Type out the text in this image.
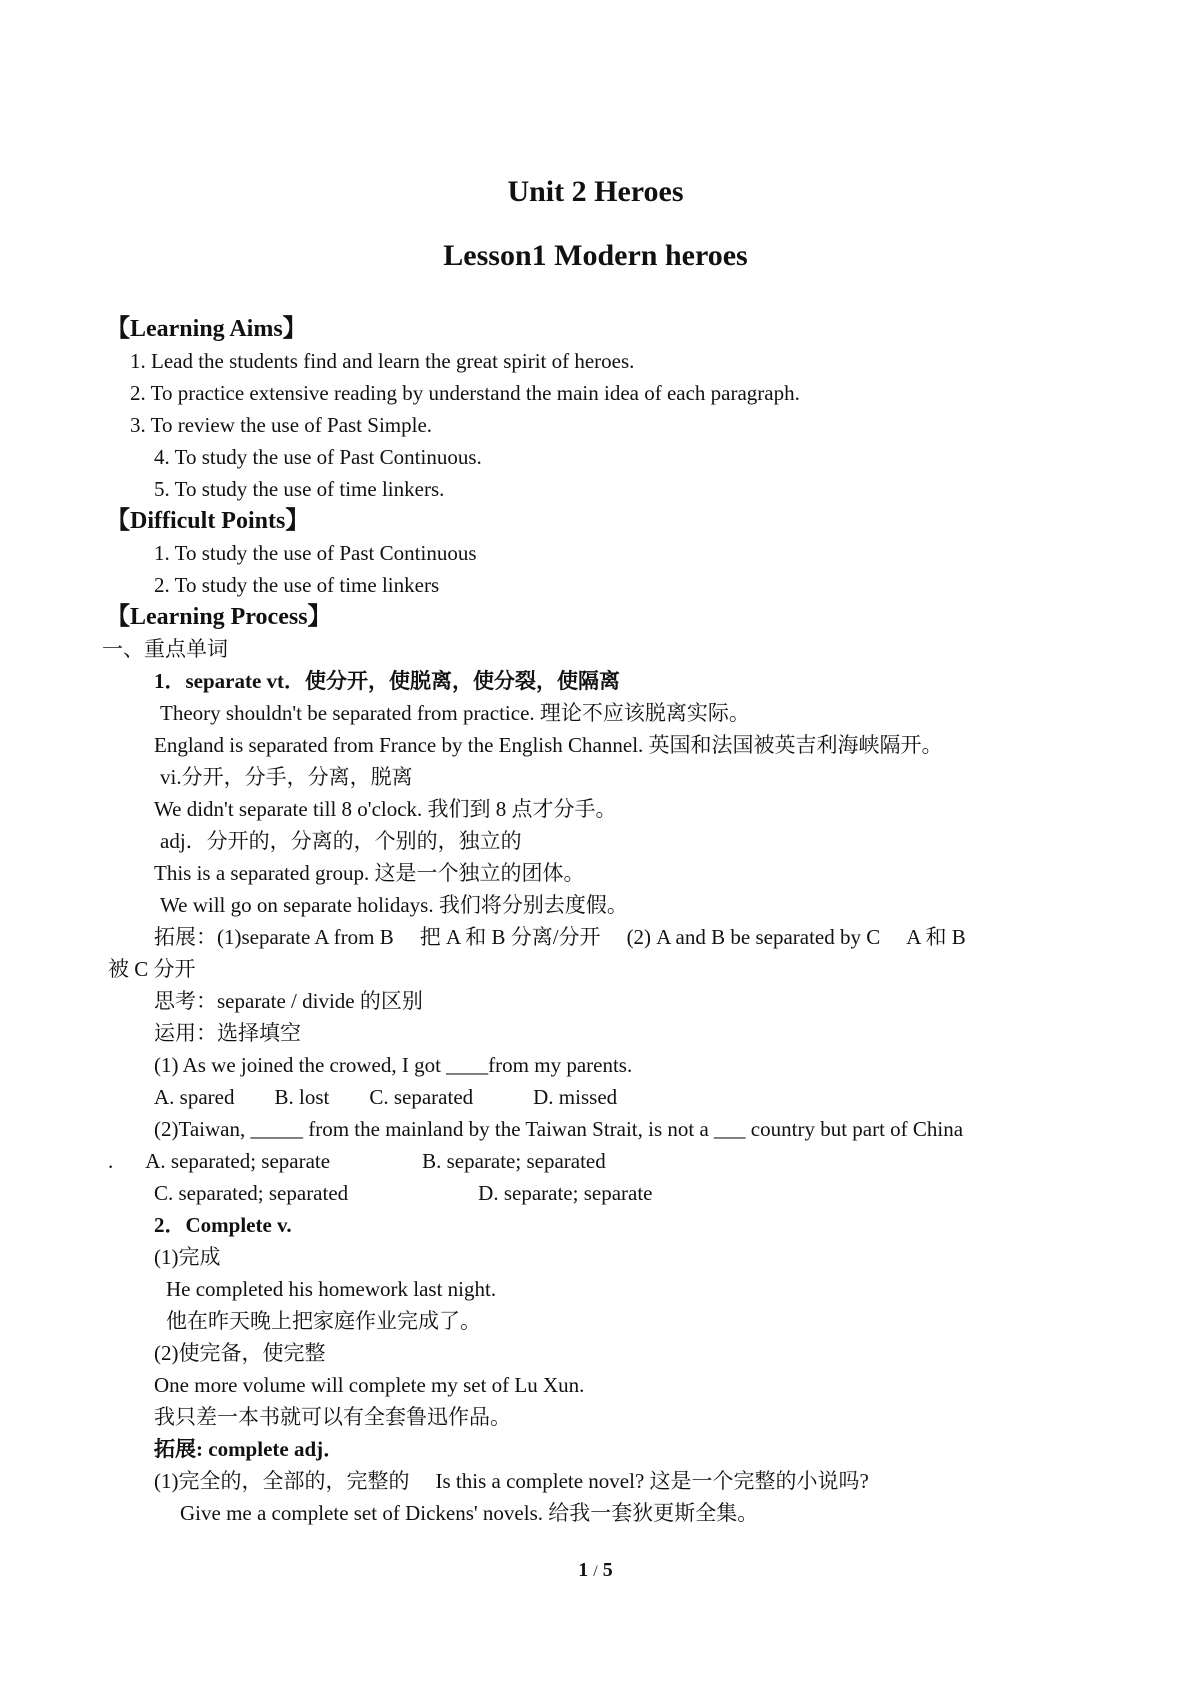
Unit 2 Heroes
Lesson1 Modern heroes
【Learning Aims】
1. Lead the students find and learn the great spirit of heroes.
2. To practice extensive reading by understand the main idea of each paragraph.
3. To review the use of Past Simple.
4. To study the use of Past Continuous.
5. To study the use of time linkers.
【Difficult Points】
1. To study the use of Past Continuous
2. To study the use of time linkers
【Learning Process】
一、重点单词
1．separate vt．使分开，使脱离，使分裂，使隔离
Theory shouldn't be separated from practice. 理论不应该脱离实际。
England is separated from France by the English Channel. 英国和法国被英吉利海峡隔开。
vi.分开，分手，分离，脱离
We didn't separate till 8 o'clock. 我们到 8 点才分手。
adj．分开的，分离的，个别的，独立的
This is a separated group. 这是一个独立的团体。
We will go on separate holidays. 我们将分别去度假。
拓展：(1)separate A from B 把 A 和 B 分离/分开 (2) A and B be separated by C A 和 B
被 C 分开
思考：separate / divide 的区别
运用：选择填空
(1) As we joined the crowed, I got ____from my parents.
A. spared B. lost C. separated	D. missed
(2)Taiwan, _____ from the mainland by the Taiwan Strait, is not a ___ country but part of China
. A. separated; separate	B. separate; separated
C. separated; separated	D. separate; separate
2．Complete v.
(1)完成
He completed his homework last night.
他在昨天晚上把家庭作业完成了。
(2)使完备，使完整
One more volume will complete my set of Lu Xun.
我只差一本书就可以有全套鲁迅作品。
拓展: complete adj．
(1)完全的，全部的，完整的 Is this a complete novel? 这是一个完整的小说吗?
Give me a complete set of Dickens' novels. 给我一套狄更斯全集。
1 / 5
